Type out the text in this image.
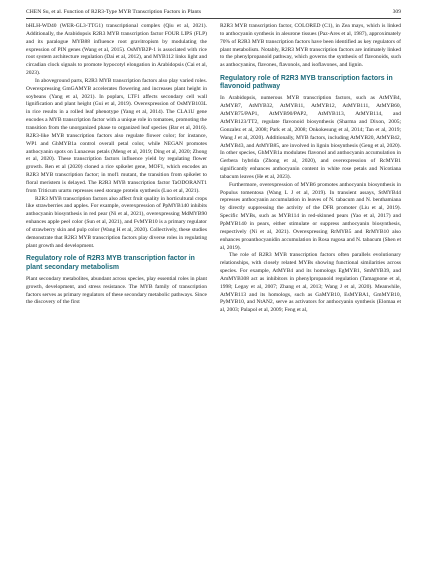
CHEN Su, et al. Function of R2R3-Type MYB Transcription Factors in Plants	309

bHLH-WD40 (WER-GL3-TTG1) transcriptional complex (Qiu et al, 2021). Additionally, the Arabidopsis R2R3 MYB transcription factor FOUR LIPS (FLP) and its paralogue MYB88 influence root gravitropism by modulating the expression of PIN genes (Wang et al, 2015). OsMYB2P-1 is associated with rice root system architecture regulation (Dai et al, 2012), and MYB112 links light and circadian clock signals to promote hypocotyl elongation in Arabidopsis (Cai et al, 2023).

In aboveground parts, R2R3 MYB transcription factors also play varied roles. Overexpressing GmGAMYB accelerates flowering and increases plant height in soybeans (Yang et al, 2021). In poplars, LTF1 affects secondary cell wall lignification and plant height (Gui et al, 2019). Overexpression of OsMYB103L in rice results in a rolled leaf phenotype (Yang et al, 2014). The CLA1U gene encodes a MYB transcription factor with a unique role in tomatoes, promoting the transition from the unorganized phase to organized leaf species (Bar et al, 2016). R2R3-like MYB transcription factors also regulate flower color; for instance, WP1 and GhMYB1a control overall petal color, while NEGAN promotes anthocyanin spots on Lunaceus petals (Meng et al, 2019; Ding et al, 2020; Zhong et al, 2020). These transcription factors influence yield by regulating flower growth. Ren et al (2020) cloned a rice spikelet gene, MOF1, which encodes an R2R3 MYB transcription factor; in mof1 mutant, the transition from spikelet to floral meristem is delayed. The R2R3 MYB transcription factor TaODORANT1 from Triticum urartu represses seed storage protein synthesis (Luo et al, 2021).

R2R3 MYB transcription factors also affect fruit quality in horticultural crops like strawberries and apples. For example, overexpression of PpMYB140 inhibits anthocyanin biosynthesis in red pear (Ni et al, 2021), overexpressing MdMYB90 enhances apple peel color (Sun et al, 2021), and FvMYB10 is a primary regulator of strawberry skin and pulp color (Wang H et al, 2020). Collectively, these studies demonstrate that R2R3 MYB transcription factors play diverse roles in regulating plant growth and development.

Regulatory role of R2R3 MYB transcription factor in plant secondary metabolism

Plant secondary metabolites, abundant across species, play essential roles in plant growth, development, and stress resistance. The MYB family of transcription factors serves as primary regulators of these secondary metabolic pathways. Since the discovery of the first

R2R3 MYB transcription factor, COLORED (C1), in Zea mays, which is linked to anthocyanin synthesis in aleurone tissues (Paz-Ares et al, 1987), approximately 70% of R2R3 MYB transcription factors have been identified as key regulators of plant metabolism. Notably, R2R3 MYB transcription factors are intimately linked to the phenylpropanoid pathway, which governs the synthesis of flavonoids, such as anthocyanins, flavones, flavonols, and isoflavones, and lignin.

Regulatory role of R2R3 MYB transcription factors in flavonoid pathway

In Arabidopsis, numerous MYB transcription factors, such as AtMYB4, AtMYB7, AtMYB32, AtMYB11, AtMYB12, AtMYB111, AtMYB60, AtMYB75/PAP1, AtMYB90/PAP2, AtMYB113, AtMYB114, and AtMYB123/TT2, regulate flavonoid biosynthesis (Sharma and Dixon, 2005; Gonzalez et al, 2008; Park et al, 2008; Onkokesung et al, 2014; Tan et al, 2019; Wang J et al, 2020). Additionally, MYB factors, including AtMYB20, AtMYB42, AtMYB43, and AtMYB85, are involved in lignin biosynthesis (Geng et al, 2020). In other species, GhMYB1a modulates flavonol and anthocyanin accumulation in Gerbera hybrida (Zhong et al, 2020), and overexpression of RcMYB1 significantly enhances anthocyanin content in white rose petals and Nicotiana tabacum leaves (He et al, 2023).

Furthermore, overexpression of MYB6 promotes anthocyanin biosynthesis in Populus tomentosa (Wang L J et al, 2019). In transient assays, StMYB44 represses anthocyanin accumulation in leaves of N. tabacum and N. benthamiana by directly suppressing the activity of the DFR promoter (Liu et al, 2019). Specific MYBs, such as MYB114 in red-skinned pears (Yao et al, 2017) and PpMYB140 in pears, either stimulate or suppress anthocyanin biosynthesis, respectively (Ni et al, 2021). Overexpressing RrMYB5 and RrMYB10 also enhances proanthocyanidin accumulation in Rosa rugosa and N. tabacum (Shen et al, 2019).

The role of R2R3 MYB transcription factors often parallels evolutionary relationships, with closely related MYBs showing functional similarities across species. For example, AtMYB4 and its homologs EgMYB1, SmMYB39, and AmMYB308 act as inhibitors in phenylpropanoid regulation (Tamagnone et al, 1998; Legay et al, 2007; Zhang et al, 2013; Wang J et al, 2020). Meanwhile, AtMYB113 and its homologs, such as GaMYB10, EsMYBA1, GmMYB10, PyMYB10, and NtAN2, serve as activators for anthocyanin synthesis (Elomaa et al, 2003; Palapol et al, 2009; Feng et al,
